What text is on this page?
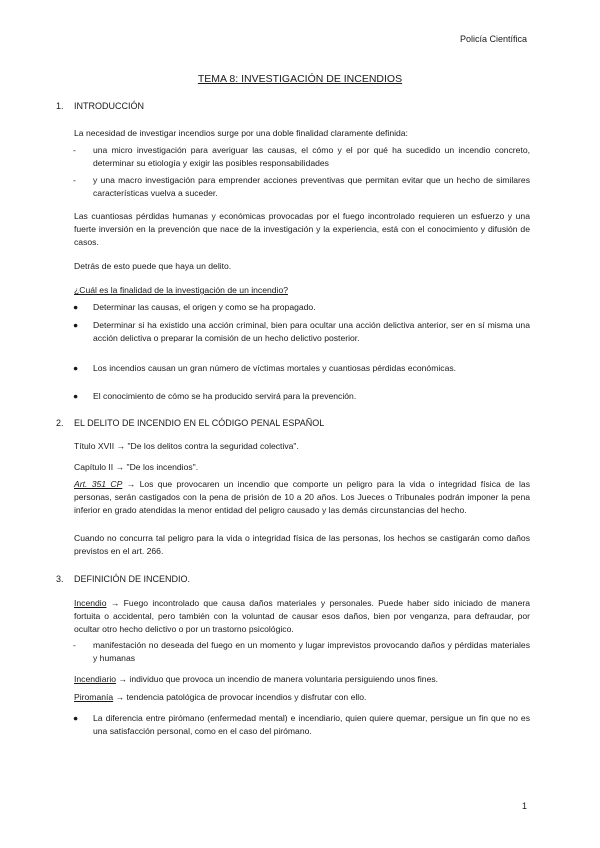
Policía Científica
TEMA 8: INVESTIGACIÓN DE INCENDIOS
1. INTRODUCCIÓN
La necesidad de investigar incendios surge por una doble finalidad claramente definida:
- una micro investigación para averiguar las causas, el cómo y el por qué ha sucedido un incendio concreto, determinar su etiología y exigir las posibles responsabilidades
- y una macro investigación para emprender acciones preventivas que permitan evitar que un hecho de similares características vuelva a suceder.
Las cuantiosas pérdidas humanas y económicas provocadas por el fuego incontrolado requieren un esfuerzo y una fuerte inversión en la prevención que nace de la investigación y la experiencia, está con el conocimiento y difusión de casos.
Detrás de esto puede que haya un delito.
¿Cuál es la finalidad de la investigación de un incendio?
● Determinar las causas, el origen y como se ha propagado.
● Determinar si ha existido una acción criminal, bien para ocultar una acción delictiva anterior, ser en sí misma una acción delictiva o preparar la comisión de un hecho delictivo posterior.
● Los incendios causan un gran número de víctimas mortales y cuantiosas pérdidas económicas.
● El conocimiento de cómo se ha producido servirá para la prevención.
2. EL DELITO DE INCENDIO EN EL CÓDIGO PENAL ESPAÑOL
Título XVII → "De los delitos contra la seguridad colectiva".
Capítulo II → "De los incendios".
Art. 351 CP → Los que provocaren un incendio que comporte un peligro para la vida o integridad física de las personas, serán castigados con la pena de prisión de 10 a 20 años. Los Jueces o Tribunales podrán imponer la pena inferior en grado atendidas la menor entidad del peligro causado y las demás circunstancias del hecho.
Cuando no concurra tal peligro para la vida o integridad física de las personas, los hechos se castigarán como daños previstos en el art. 266.
3. DEFINICIÓN DE INCENDIO.
Incendio → Fuego incontrolado que causa daños materiales y personales. Puede haber sido iniciado de manera fortuita o accidental, pero también con la voluntad de causar esos daños, bien por venganza, para defraudar, por ocultar otro hecho delictivo o por un trastorno psicológico.
- manifestación no deseada del fuego en un momento y lugar imprevistos provocando daños y pérdidas materiales y humanas
Incendiario → individuo que provoca un incendio de manera voluntaria persiguiendo unos fines.
Piromanía → tendencia patológica de provocar incendios y disfrutar con ello.
● La diferencia entre pirómano (enfermedad mental) e incendiario, quien quiere quemar, persigue un fin que no es una satisfacción personal, como en el caso del pirómano.
1
